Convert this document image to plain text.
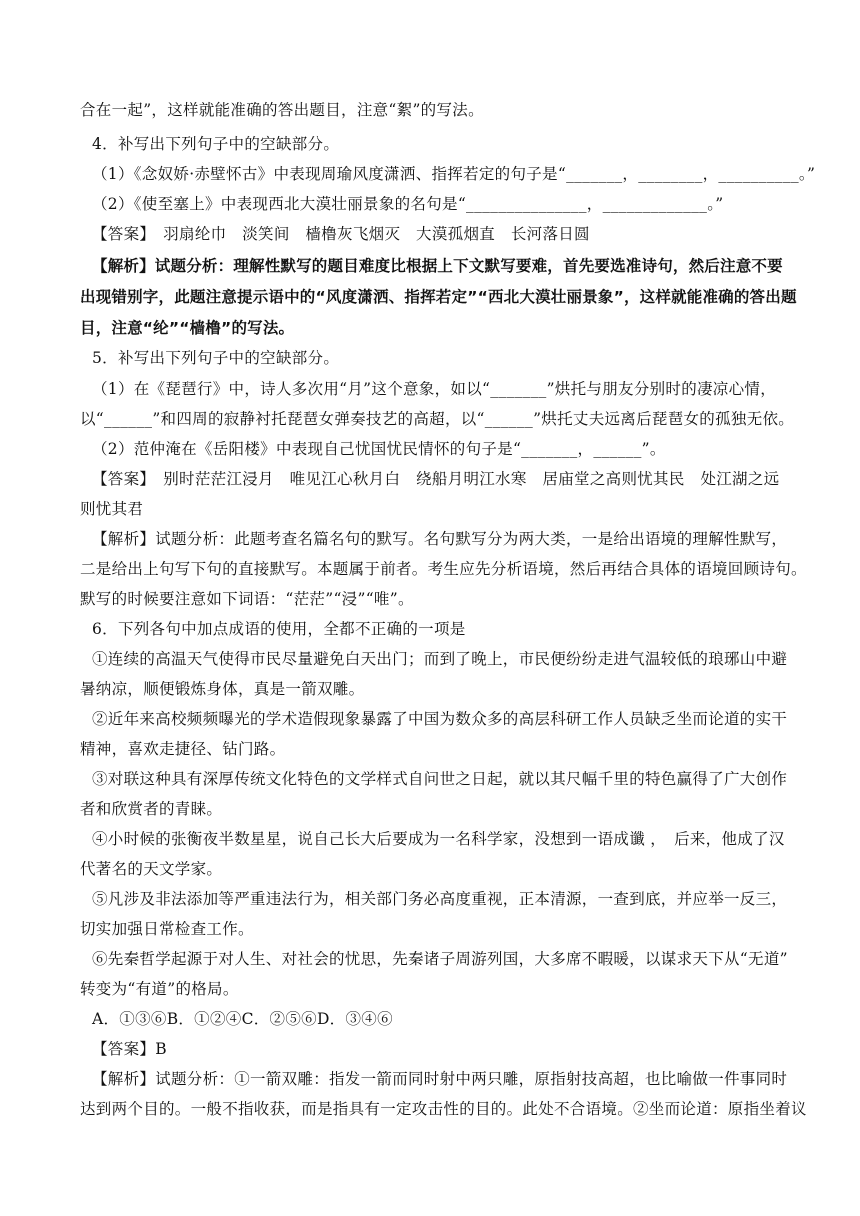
合在一起”，这样就能准确的答出题目，注意“絮”的写法。
4．补写出下列句子中的空缺部分。
（1）《念奴娇·赤壁怀古》中表现周瑜风度潇洒、指挥若定的句子是“_______，________，__________。”
（2）《使至塞上》中表现西北大漠壮丽景象的名句是“_______________，_____________。”
【答案】　羽扇纶巾　淡笑间　樯橹灰飞烟灭　大漠孤烟直　长河落日圆
【解析】试题分析：理解性默写的题目难度比根据上下文默写要难，首先要选准诗句，然后注意不要
出现错别字，此题注意提示语中的“风度潇洒、指挥若定”“西北大漠壮丽景象”，这样就能准确的答出题
目，注意“纶”“樯橹”的写法。
5．补写出下列句子中的空缺部分。
（1）在《琵琶行》中，诗人多次用“月”这个意象，如以“_______”烘托与朋友分别时的凄凉心情，
以“______”和四周的寂静衬托琵琶女弹奏技艺的高超，以“______”烘托丈夫远离后琵琶女的孤独无依。
（2）范仲淹在《岳阳楼》中表现自己忧国忧民情怀的句子是“_______，______”。
【答案】　别时茫茫江浸月　唯见江心秋月白　绕船月明江水寒　居庙堂之高则忧其民　处江湖之远
则忧其君
【解析】试题分析：此题考查名篇名句的默写。名句默写分为两大类，一是给出语境的理解性默写，
二是给出上句写下句的直接默写。本题属于前者。考生应先分析语境，然后再结合具体的语境回顾诗句。
默写的时候要注意如下词语：“茫茫”“浸”“唯”。
6．下列各句中加点成语的使用，全都不正确的一项是
①连续的高温天气使得市民尽量避免白天出门；而到了晚上，市民便纷纷走进气温较低的琅琊山中避
暑纳凉，顺便锻炼身体，真是一箭双雕。
②近年来高校频频曝光的学术造假现象暴露了中国为数众多的高层科研工作人员缺乏坐而论道的实干
精神，喜欢走捷径、钻门路。
③对联这种具有深厚传统文化特色的文学样式自问世之日起，就以其尺幅千里的特色赢得了广大创作
者和欣赏者的青睐。
④小时候的张衡夜半数星星，说自己长大后要成为一名科学家，没想到一语成谶 ，　后来，他成了汉
代著名的天文学家。
⑤凡涉及非法添加等严重违法行为，相关部门务必高度重视，正本清源，一查到底，并应举一反三，
切实加强日常检查工作。
⑥先秦哲学起源于对人生、对社会的忧思，先秦诸子周游列国，大多席不暇暖，以谋求天下从“无道”
转变为“有道”的格局。
A．①③⑥B．①②④C．②⑤⑥D．③④⑥
【答案】B
【解析】试题分析：①一箭双雕：指发一箭而同时射中两只雕，原指射技高超，也比喻做一件事同时
达到两个目的。一般不指收获，而是指具有一定攻击性的目的。此处不合语境。②坐而论道：原指坐着议
